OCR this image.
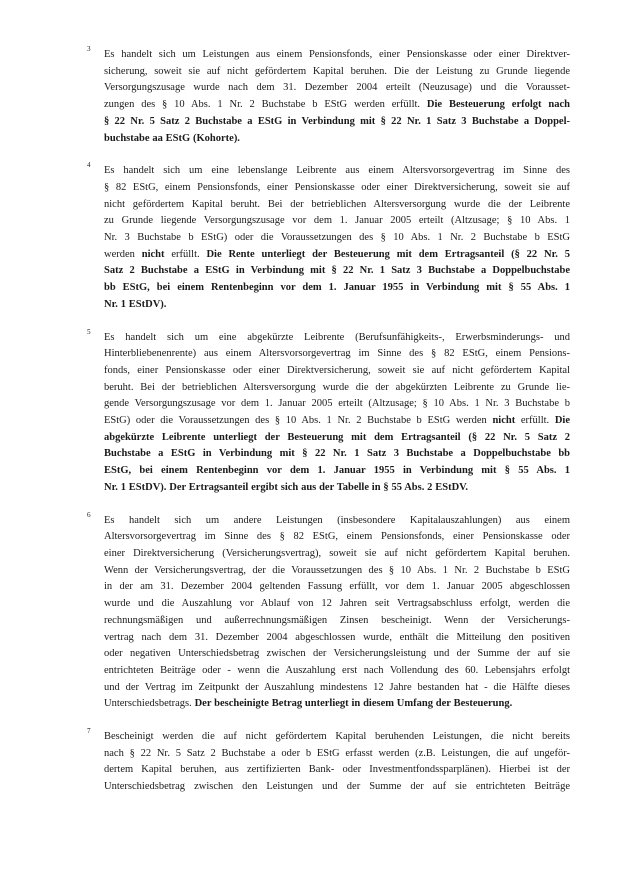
3 Es handelt sich um Leistungen aus einem Pensionsfonds, einer Pensionskasse oder einer Direktver-
sicherung, soweit sie auf nicht gefördertem Kapital beruhen. Die der Leistung zu Grunde liegende
Versorgungszusage wurde nach dem 31. Dezember 2004 erteilt (Neuzusage) und die Vorausset-
zungen des § 10 Abs. 1 Nr. 2 Buchstabe b EStG werden erfüllt. Die Besteuerung erfolgt nach
§ 22 Nr. 5 Satz 2 Buchstabe a EStG in Verbindung mit § 22 Nr. 1 Satz 3 Buchstabe a Doppel-
buchstabe aa EStG (Kohorte).
4 Es handelt sich um eine lebenslange Leibrente aus einem Altersvorsorgevertrag im Sinne des
§ 82 EStG, einem Pensionsfonds, einer Pensionskasse oder einer Direktversicherung, soweit sie auf
nicht gefördertem Kapital beruht. Bei der betrieblichen Altersversorgung wurde die der Leibrente
zu Grunde liegende Versorgungszusage vor dem 1. Januar 2005 erteilt (Altzusage; § 10 Abs. 1
Nr. 3 Buchstabe b EStG) oder die Voraussetzungen des § 10 Abs. 1 Nr. 2 Buchstabe b EStG
werden nicht erfüllt. Die Rente unterliegt der Besteuerung mit dem Ertragsanteil (§ 22 Nr. 5
Satz 2 Buchstabe a EStG in Verbindung mit § 22 Nr. 1 Satz 3 Buchstabe a Doppelbuchstabe
bb EStG, bei einem Rentenbeginn vor dem 1. Januar 1955 in Verbindung mit § 55 Abs. 1
Nr. 1 EStDV).
5 Es handelt sich um eine abgekürzte Leibrente (Berufsunfähigkeits-, Erwerbsminderungs- und
Hinterbliebenenrente) aus einem Altersvorsorgevertrag im Sinne des § 82 EStG, einem Pensions-
fonds, einer Pensionskasse oder einer Direktversicherung, soweit sie auf nicht gefördertem Kapital
beruht. Bei der betrieblichen Altersversorgung wurde die der abgekürzten Leibrente zu Grunde lie-
gende Versorgungszusage vor dem 1. Januar 2005 erteilt (Altzusage; § 10 Abs. 1 Nr. 3 Buchstabe b
EStG) oder die Voraussetzungen des § 10 Abs. 1 Nr. 2 Buchstabe b EStG werden nicht erfüllt. Die
abgekürzte Leibrente unterliegt der Besteuerung mit dem Ertragsanteil (§ 22 Nr. 5 Satz 2
Buchstabe a EStG in Verbindung mit § 22 Nr. 1 Satz 3 Buchstabe a Doppelbuchstabe bb
EStG, bei einem Rentenbeginn vor dem 1. Januar 1955 in Verbindung mit § 55 Abs. 1
Nr. 1 EStDV). Der Ertragsanteil ergibt sich aus der Tabelle in § 55 Abs. 2 EStDV.
6 Es handelt sich um andere Leistungen (insbesondere Kapitalauszahlungen) aus einem
Altersvorsorgevertrag im Sinne des § 82 EStG, einem Pensionsfonds, einer Pensionskasse oder
einer Direktversicherung (Versicherungsvertrag), soweit sie auf nicht gefördertem Kapital beruhen.
Wenn der Versicherungsvertrag, der die Voraussetzungen des § 10 Abs. 1 Nr. 2 Buchstabe b EStG
in der am 31. Dezember 2004 geltenden Fassung erfüllt, vor dem 1. Januar 2005 abgeschlossen
wurde und die Auszahlung vor Ablauf von 12 Jahren seit Vertragsabschluss erfolgt, werden die
rechnungsmäßigen und außerrechnungsmäßigen Zinsen bescheinigt. Wenn der Versicherungs-
vertrag nach dem 31. Dezember 2004 abgeschlossen wurde, enthält die Mitteilung den positiven
oder negativen Unterschiedsbetrag zwischen der Versicherungsleistung und der Summe der auf sie
entrichteten Beiträge oder - wenn die Auszahlung erst nach Vollendung des 60. Lebensjahrs erfolgt
und der Vertrag im Zeitpunkt der Auszahlung mindestens 12 Jahre bestanden hat - die Hälfte dieses
Unterschiedsbetrags. Der bescheinigte Betrag unterliegt in diesem Umfang der Besteuerung.
7 Bescheinigt werden die auf nicht gefördertem Kapital beruhenden Leistungen, die nicht bereits
nach § 22 Nr. 5 Satz 2 Buchstabe a oder b EStG erfasst werden (z.B. Leistungen, die auf ungeför-
dertem Kapital beruhen, aus zertifizierten Bank- oder Investmentfondssparplänen). Hierbei ist der
Unterschiedsbetrag zwischen den Leistungen und der Summe der auf sie entrichteten Beiträge
